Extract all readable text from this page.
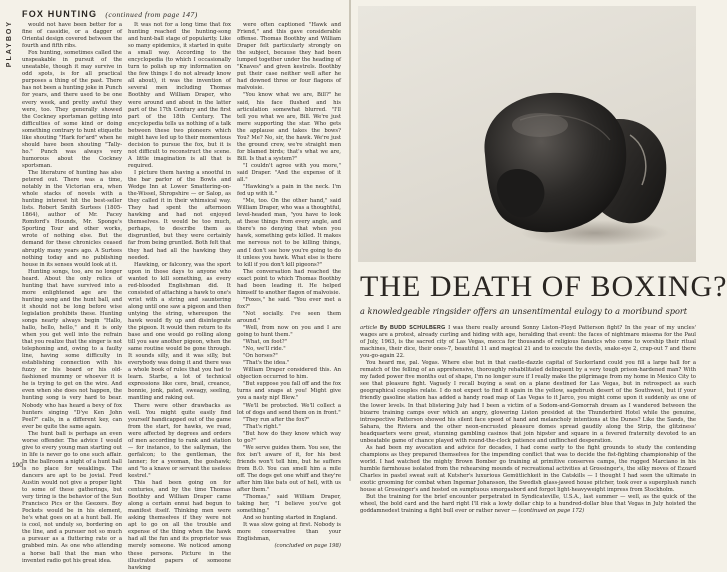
PLAYBOY
FOX HUNTING (continued from page 147)

would not have been better for a fine of cassidie, or a dagger of Oriental design covered between the fourth and fifth ribs.

Fox hunting, sometimes called the unspeakable in pursuit of the uneatable, though it may survive in odd spots, is for all practical purposes a thing of the past. There has not been a hunting joke in Punch for years, and there used to be one every week, and pretty awful they were, too. They generally showed the Cockney sportsman getting into difficulties of some kind or doing something contrary to hunt etiquette like shouting "Hark for'ard" when he should have been shouting "Tally-ho." Punch was always very humorous about the Cockney sportsman.

The literature of hunting has also petered out. There was a time, notably in the Victorian era, when whole stacks of novels with a hunting interest hit the best-seller lists. Robert Smith Surtees (1805-1864), author of Mr. Facey Romford's Hounds, Mr. Sponge's Sporting Tour and other works, wrote of nothing else. But the demand for these chronicles ceased abruptly many years ago. A Surtees nothing today and no publishing house in its senses would look at it.

Hunting songs, too, are no longer heard. About the only relics of hunting that have survived into a more enlightened age are the hunting song and the hunt ball, and it should not be long before wise legislation prohibits these. Hunting songs nearly always begin "Hallo, hallo, hello, hello," and it is only when you get well into the refrain that you realize that the singer is not telephoning and, owing to a faulty line, having some difficulty in establishing connection with his fuzzy or his board or his old-fashioned mummy or whoever it is he is trying to get on the wire. And even when she does not happen, the hunting song is very hard to bear. Nobody who has heard a bevy of fox hunters singing "D'ye Ken John Peel?" calls, in a different key, can ever be quite the same again.

The hunt ball is perhaps an even worse offender. The advice I would give to every young man starting out in life is never go to one such affair. In the ballroom a night of a hunt ball is no place for weaklings. The dancers are apt to be jovial. Fred Austin would not give a proper light to some of these gatherings, but very tiring is the behavior of the Sun Francisco Pics or the Geezers. Boy Pockets would be in his element, he's what goes on at a hunt ball. He is cool, not unduly so, bordering on the line, and a pursuer not so much a pursuer as a fluttering rate or a grabbed min. As one who attending a horse ball that the man who invented radio got his great idea.

It was not for a long time that fox hunting reached the hunting-song and hunt-ball stage of popularity. Like so many epidemics, it started in quite a small way. According to the encyclopedia (to which I occasionally turn to polish up my information on the few things I do not already know all about), it was the invention of several men including Thomas Boothby and William Draper, who were around and about in the latter part of the 17th Century and the first part of the 18th Century. The encyclopedia tells us nothing of a talk between these two pioneers which might have led up to their momentous decision to pursue the fox, but it is not difficult to reconstruct the scene. A little imagination is all that is required.

I picture them having a snootful in the bar parlor of the Bowls and Wedge Inn at Lower Smattering-on-the-Wissel, Shropshire — or Salop, as they called it in their whimsical way. They had spent the afternoon hawking and had not enjoyed themselves. It would be too much, perhaps, to describe them as disgruntled, but they were certainly far from being gruntled. Both felt that they had had all the hawking they needed.

Hawking, or falconry, was the sport upon in those days to anyone who wanted to kill something, as every red-blooded Englishman did. It consisted of attaching a hawk to one's wrist with a string and sauntering along until one saw a pigeon and then untying the string, whereupon the hawk would fly up and disintegrate the pigeon. It would then return to its base and one would go rolling along till you saw another pigeon, when the same routine would be gone through. It sounds silly, and it was silly, but everybody was doing it and there was a whole book of rules that you had to learn. Starbe, a lot of technical expressions like cere, brail, creance, bonnie, jonk, pated, sweagy, seeling, mantling and raking out.

There were other drawbacks as well. You might quite easily find yourself handicapped out of the game from the start, for hawks, we read, were affected by degrees and orders of men according to rank and station — for instance, to the sallyman, the gerfalcon; to the gentleman, the lanner; for a yeoman, the goshawk; and "to a knave or servant the useless kestrel."

This had been going on for centuries, and by the time Thomas Boothby and William Draper came along a certain ennui had begun to manifest itself. Thinking men were asking themselves if they were not apt to go on all the trouble and expense of the thing when the hawk had all the fun and its proprietor was merely someone. We noticed among these persons. Picture in the illustrated papers of someone hawking

were often captioned "Hawk and Friend," and this gave considerable offense. Thomas Boothby and William Draper felt particularly strongly on the subject, because they had been lumped together under the heading of "Knaves" and given kestrels. Boothby put their case neither well after he had downed three or four flagons of malvoisie.

"You know what we are, Bill?" he said, his face flushed and his articulation somewhat blurred. "I'll tell you what we are, Bill. We're just mere supporting the star. Who gets the applause and takes the bows? You? Me? No, sir, the hawk. We're just the ground crew, we're straight men for blamed birds; that's what we are, Bill. Is that a system?"

"I couldn't agree with you more," said Draper. "And the expense of it all."

"Hawking's a pain in the neck. I'm fed up with it."

"Me, too. On the other hand," said William Draper, who was a thoughtful, level-headed man, "you have to look at these things from every angle, and there's no denying that when you hawk, something gets killed. It makes me nervous not to be killing things, and I don't see how you're going to do it unless you hawk. What else is there to kill if you don't kill pigeons?"

The conversation had reached the exact point to which Thomas Boothby had been leading it. He helped himself to another flagon of malvoisie.

"Foxes," he said. "You ever met a fox?"

"Not socially. I've seen them around."

"Well, from now on you and I are going to hunt them."

"What, on foot?"

"No, we'll ride."

"On horses?"

"That's the idea."

William Draper considered this. An objection occurred to him.

"But suppose you fall off and the fox turns and snaps at you! Might give you a nasty nip! Blew."

"We'll be protected. We'll collect a lot of dogs and send them on in front."

"They run after the fox?"

"That's right."

"But how do they know which way to go?"

"We serve guides them. You see, the fox isn't aware of it, for his best friends won't tell him, but he suffers from B.O. You can smell him a mile off. The dogs get one whiff and they're after him like bats out of hell, with us after them."

"Thomas," said William Draper, taking her, "I believe you've got something."

And so hunting started in England.

It was slow going at first. Nobody is more conservative than your Englishman,

(concluded on page 198)

190
THE DEATH OF BOXING?
a knowledgeable ringsider offers an unsentimental eulogy to a moribund sport

article By BUDD SCHULBERG I was there really around Sonny Liston–Floyd Patterson fight? In the year of my uncles' wages are a protest, already curling and hiding with age, heralding that event: the faces of nightmare miasma for the Paul of July, 1963, is the sacred city of Las Vegas, mecca for thousands of religious fanatics who come to worship their ritual machines, their dice, their ones-7, beautiful 11 and magical 21 and to execute the devils, snake-eye 2, crap-out 7 and there you-go-again 22.

You heard me, pal. Vegas. Where else but in that castle-dazzle capital of Suckerland could you fill a large hall for a rematch of the felling of an apprehensive, thoroughly rehabilitated delinquent by a very tough prison-hardened man? With my faded power five months out of shape, I'm no longer sure if I really make the pilgrimage from my home in Mexico City to see that pleasure fight. Vaguely I recall buying a seat on a plane destined for Las Vegas, but in retrospect as such geographical couples relate. I do not expect to find it again in the yellow, sagebrush desert of the Southwest, but if your friendly gasoline station has added a handy road map of Las Vegas to it Jarco, you might come upon it suddenly as one of the lower levels. In that blistering July had I been a victim of a Sodom-and-Gomorrah dream as I wandered between the bizarre training camps over which an angry, glowering Liston presided at the Thunderbird Hotel while the genuine, introspective Patterson showed his silent face speed of hand and melancholy intentions at the Dunes? Like the Sands, the Sahara, the Riviera and the other neon-encrusted pleasure domes spread gaudily along the Strip, the glitziness' headquarters were great, stunning gambling casinos that join hipster and square in a fevered fraternity devoted to an unbeatable game of chance played with round-the-clock patience and unflinched desperation.

As had been my avocation and advice for decades, I had come early to the fight grounds to study the contending champions as they prepared themselves for the impending conflict that was to decide the fist-fighting championship of the world. I had watched the mighty Brown Bomber go training at primitive conserves camps, the rugged Marciano in his humble farmhouse isolated from the rehearsing mounds of recreational activities at Grossinger's, the silky moves of Ezzard Charles in pastel sweat suit at Kutsher's luxurious Gemütlichkeit in the Catskills — I thought I had seen the ultimate in exotic grooming for combat when Ingemar Johansson, the Swedish glass-jawed house pitcher, took over a superplush ranch house at Grossinger's and hosted on sumptuous smorgasbord and forgot light-heavyweight impress from Stockholm.

But the training for the brief encounter perpetrated in Syndicateville, U.S.A., last summer — well, as the quick of the wheel, the bold card and the hard right I'll risk a lowly dollar chip to a hundred-dollar blue that Vegas in July hoisted the goddamnedest training a fight bull ever or rather never — (continued on page 172)
